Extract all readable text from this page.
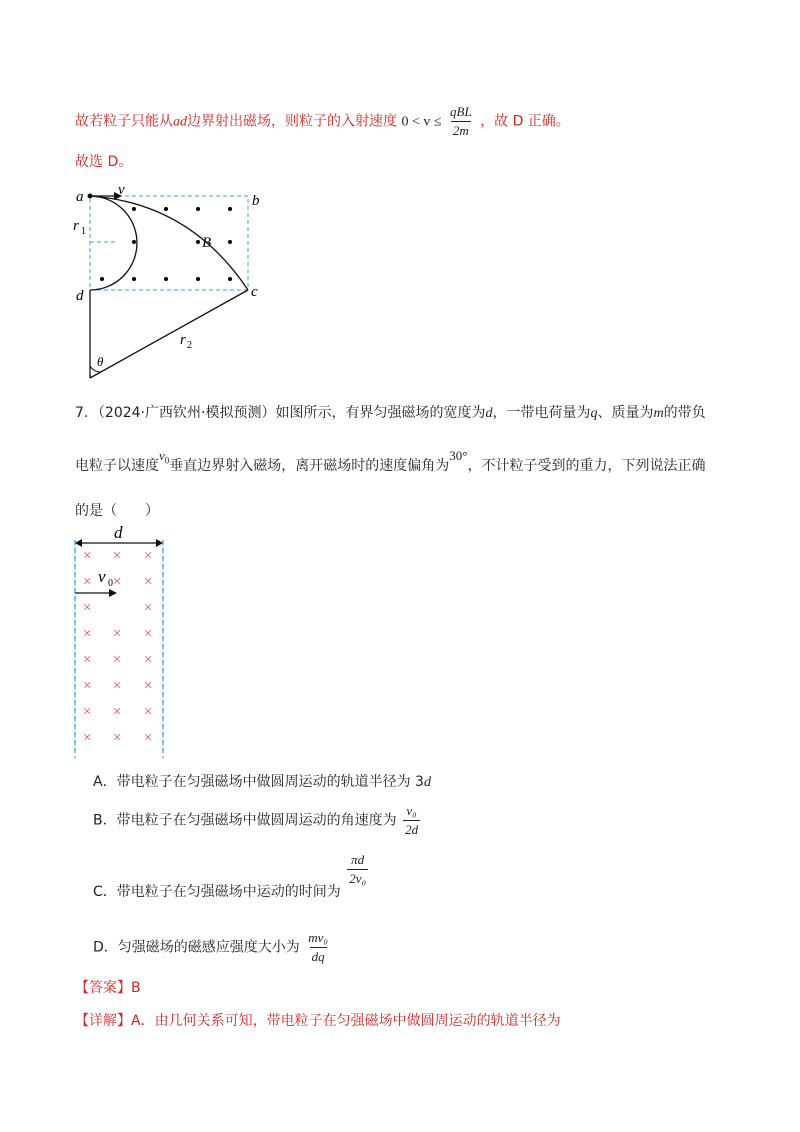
故若粒子只能从ad边界射出磁场，则粒子的入射速度 $0 < v \le \frac{\text{qBL}}{2m}$ ，故 D 正确。
故选 D。
a v
b
r 1
B
d	c
r 2
θ
7．（2024·广西钦州·模拟预测）如图所示，有界匀强磁场的宽度为d，一带电荷量为q、质量为m的带负
电粒子以速度$v_0$垂直边界射入磁场，离开磁场时的速度偏角为30°，不计粒子受到的重力，下列说法正确
的是（　　）
d
× × ×
× × ×
×	×
× × ×
× × ×
× × ×
× × ×
× × ×
v 0
A．带电粒子在匀强磁场中做圆周运动的轨道半径为 3d
B．带电粒子在匀强磁场中做圆周运动的角速度为 $\frac{\text{v₀}}{2d}$
C．带电粒子在匀强磁场中运动的时间为
$\frac{\pi d}{\text{2v₀}}$
D．匀强磁场的磁感应强度大小为 $\frac{\text{mv₀}}{dq}$
【答案】B
【详解】A．由几何关系可知，带电粒子在匀强磁场中做圆周运动的轨道半径为
